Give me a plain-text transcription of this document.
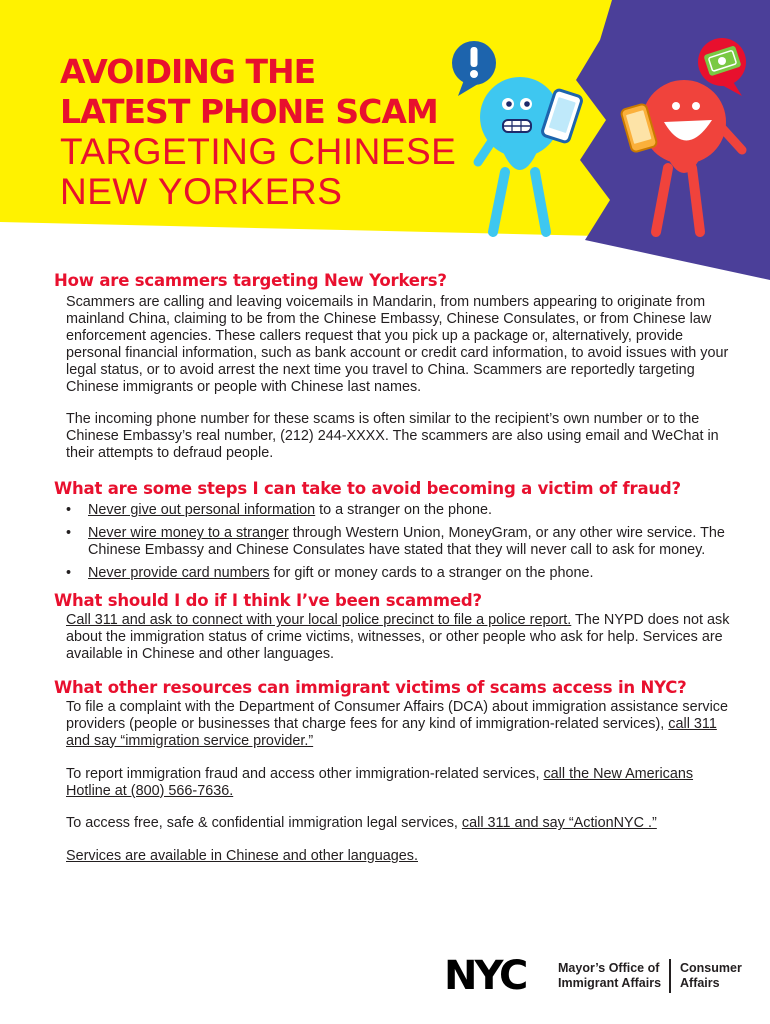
AVOIDING THE
LATEST PHONE SCAM
TARGETING CHINESE
NEW YORKERS
How are scammers targeting New Yorkers?

Scammers are calling and leaving voicemails in Mandarin, from numbers appearing to originate from mainland China, claiming to be from the Chinese Embassy, Chinese Consulates, or from Chinese law enforcement agencies. These callers request that you pick up a package or, alternatively, provide personal financial information, such as bank account or credit card information, to avoid issues with your legal status, or to avoid arrest the next time you travel to China. Scammers are reportedly targeting Chinese immigrants or people with Chinese last names.

The incoming phone number for these scams is often similar to the recipient’s own number or to the Chinese Embassy’s real number, (212) 244-XXXX. The scammers are also using email and WeChat in their attempts to defraud people.

What are some steps I can take to avoid becoming a victim of fraud?
• Never give out personal information to a stranger on the phone.
• Never wire money to a stranger through Western Union, MoneyGram, or any other wire service. The Chinese Embassy and Chinese Consulates have stated that they will never call to ask for money.
• Never provide card numbers for gift or money cards to a stranger on the phone.
What should I do if I think I’ve been scammed?

Call 311 and ask to connect with your local police precinct to file a police report. The NYPD does not ask about the immigration status of crime victims, witnesses, or other people who ask for help. Services are available in Chinese and other languages.

What other resources can immigrant victims of scams access in NYC?

To file a complaint with the Department of Consumer Affairs (DCA) about immigration assistance service providers (people or businesses that charge fees for any kind of immigration-related services), call 311 and say “immigration service provider.”

To report immigration fraud and access other immigration-related services, call the New Americans Hotline at (800) 566-7636.

To access free, safe & confidential immigration legal services, call 311 and say “ActionNYC .”

Services are available in Chinese and other languages.

NYC	Mayor’s Office of
Immigrant Affairs
Consumer
Affairs
